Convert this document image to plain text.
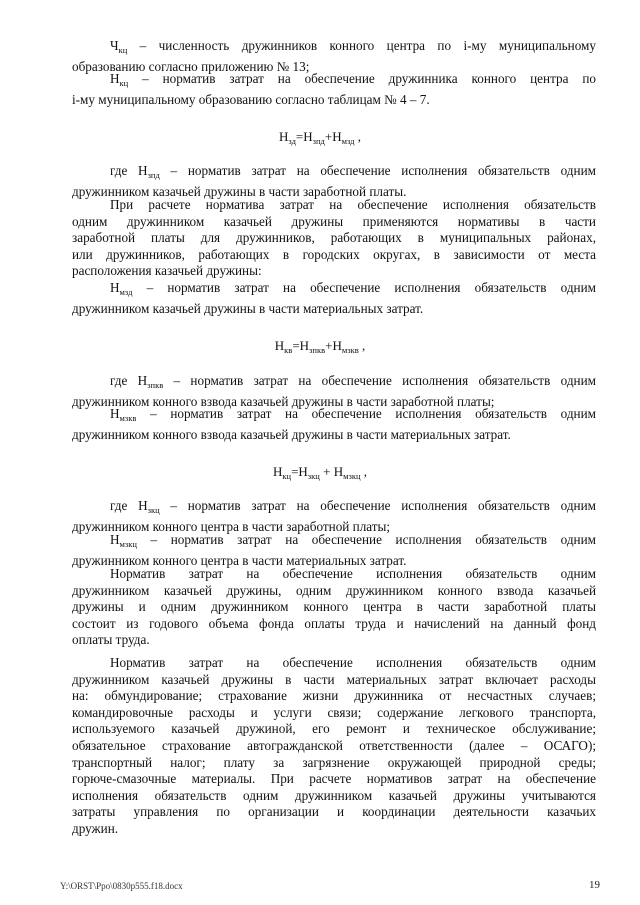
$Ч_{кц}$ – численность дружинников конного центра по i-му муниципальному
образованию согласно приложению № 13;
$Н_{кц}$ – норматив затрат на обеспечение дружинника конного центра по
i-му муниципальному образованию согласно таблицам № 4 – 7.
$Н_{зд}=Н_{зпд}+Н_{мзд}$ ,
где $Н_{зпд}$ – норматив затрат на обеспечение исполнения обязательств одним
дружинником казачьей дружины в части заработной платы.
При расчете норматива затрат на обеспечение исполнения обязательств
одним дружинником казачьей дружины применяются нормативы в части
заработной платы для дружинников, работающих в муниципальных районах,
или дружинников, работающих в городских округах, в зависимости от места
расположения казачьей дружины:
$Н_{мзд}$ – норматив затрат на обеспечение исполнения обязательств одним
дружинником казачьей дружины в части материальных затрат.
$Н_{кв}=Н_{зпкв}+Н_{мзкв}$ ,
где $Н_{зпкв}$ – норматив затрат на обеспечение исполнения обязательств одним
дружинником конного взвода казачьей дружины в части заработной платы;
$Н_{мзкв}$ – норматив затрат на обеспечение исполнения обязательств одним
дружинником конного взвода казачьей дружины в части материальных затрат.
$Н_{кц}=Н_{зкц} + Н_{мзкц}$ ,
где $Н_{зкц}$ – норматив затрат на обеспечение исполнения обязательств одним
дружинником конного центра в части заработной платы;
$Н_{мзкц}$ – норматив затрат на обеспечение исполнения обязательств одним
дружинником конного центра в части материальных затрат.
Норматив затрат на обеспечение исполнения обязательств одним
дружинником казачьей дружины, одним дружинником конного взвода казачьей
дружины и одним дружинником конного центра в части заработной платы
состоит из годового объема фонда оплаты труда и начислений на данный фонд
оплаты труда.
Норматив затрат на обеспечение исполнения обязательств одним
дружинником казачьей дружины в части материальных затрат включает расходы
на: обмундирование; страхование жизни дружинника от несчастных случаев;
командировочные расходы и услуги связи; содержание легкового транспорта,
используемого казачьей дружиной, его ремонт и техническое обслуживание;
обязательное страхование автогражданской ответственности (далее – ОСАГО);
транспортный налог; плату за загрязнение окружающей природной среды;
горюче-смазочные материалы. При расчете нормативов затрат на обеспечение
исполнения обязательств одним дружинником казачьей дружины учитываются
затраты управления по организации и координации деятельности казачьих
дружин.
Y:\ORST\Ppo\0830p555.f18.docx	19
